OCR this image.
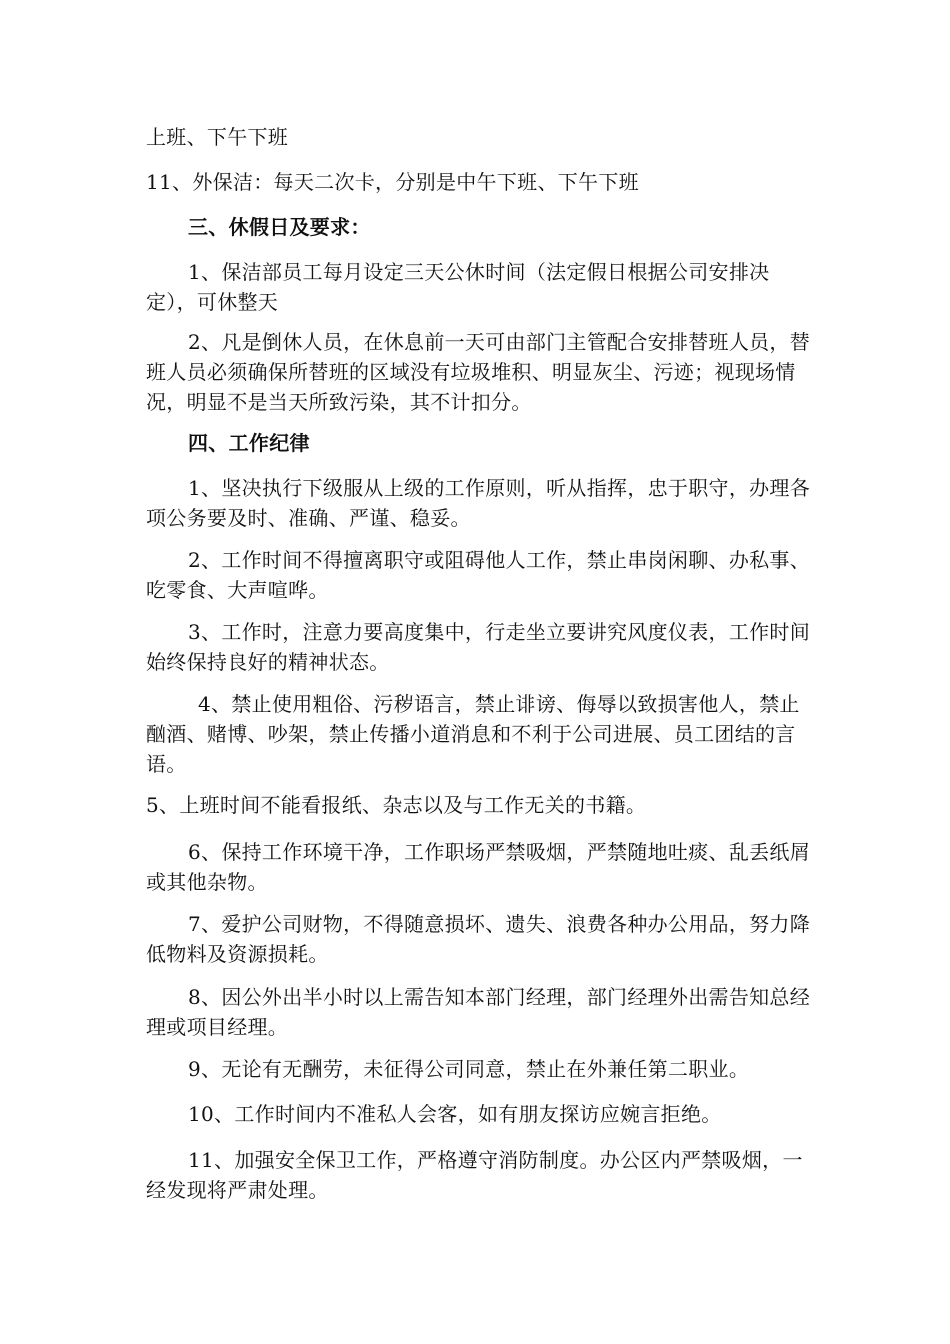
上班、下午下班

11、外保洁：每天二次卡，分别是中午下班、下午下班

三、休假日及要求：

1、保洁部员工每月设定三天公休时间（法定假日根据公司安排决定），可休整天

2、凡是倒休人员，在休息前一天可由部门主管配合安排替班人员，替班人员必须确保所替班的区域没有垃圾堆积、明显灰尘、污迹；视现场情况，明显不是当天所致污染，其不计扣分。

四、工作纪律

1、坚决执行下级服从上级的工作原则，听从指挥，忠于职守，办理各项公务要及时、准确、严谨、稳妥。

2、工作时间不得擅离职守或阻碍他人工作，禁止串岗闲聊、办私事、吃零食、大声喧哗。

3、工作时，注意力要高度集中，行走坐立要讲究风度仪表，工作时间始终保持良好的精神状态。

4、禁止使用粗俗、污秽语言，禁止诽谤、侮辱以致损害他人，禁止酗酒、赌博、吵架，禁止传播小道消息和不利于公司进展、员工团结的言语。

5、上班时间不能看报纸、杂志以及与工作无关的书籍。

6、保持工作环境干净，工作职场严禁吸烟，严禁随地吐痰、乱丢纸屑或其他杂物。

7、爱护公司财物，不得随意损坏、遗失、浪费各种办公用品，努力降低物料及资源损耗。

8、因公外出半小时以上需告知本部门经理，部门经理外出需告知总经理或项目经理。

9、无论有无酬劳，未征得公司同意，禁止在外兼任第二职业。

10、工作时间内不准私人会客，如有朋友探访应婉言拒绝。

11、加强安全保卫工作，严格遵守消防制度。办公区内严禁吸烟，一经发现将严肃处理。
